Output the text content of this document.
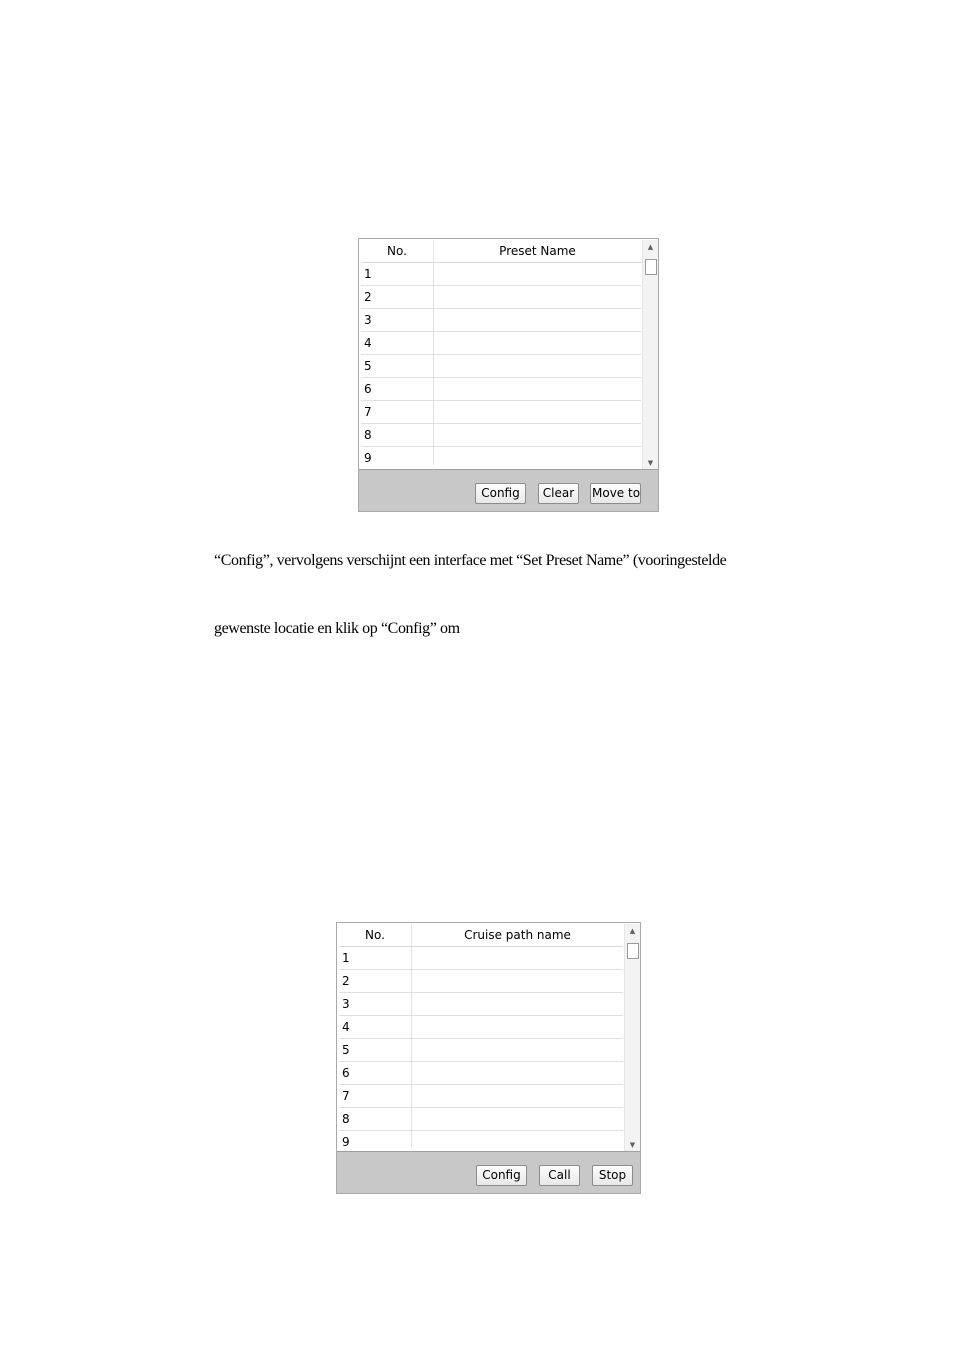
No.	Preset Name
1
2
3
4
5
6
7
8
9
▲
▼
Config	Clear	Move to
“Config”, vervolgens verschijnt een interface met “Set Preset Name” (vooringestelde
gewenste locatie en klik op “Config” om
No.	Cruise path name
1
2
3
4
5
6
7
8
9
▲
▼
Config	Call	Stop
